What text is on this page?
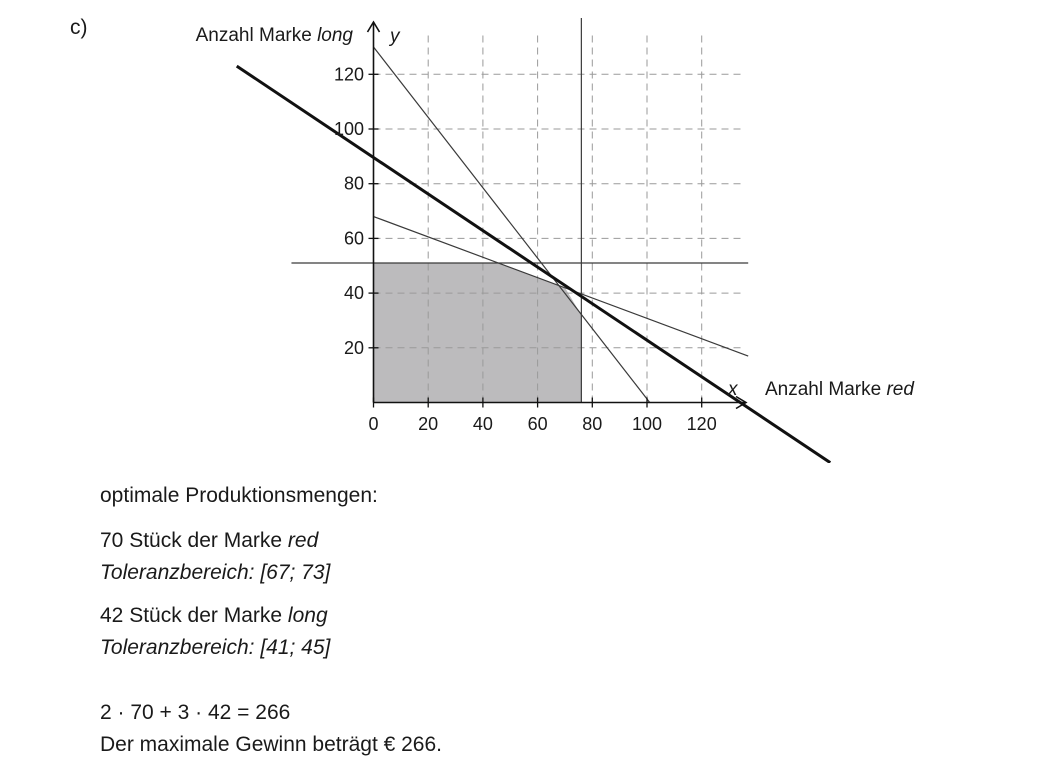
c)
0 20 40 60 80 100 120
20
40
60
80
100
120
Anzahl Marke long y
Anzahl Marke red
x

optimale Produktionsmengen:

70 Stück der Marke red

Toleranzbereich: [67; 73]

42 Stück der Marke long

Toleranzbereich: [41; 45]

2 · 70 + 3 · 42 = 266

Der maximale Gewinn beträgt € 266.
